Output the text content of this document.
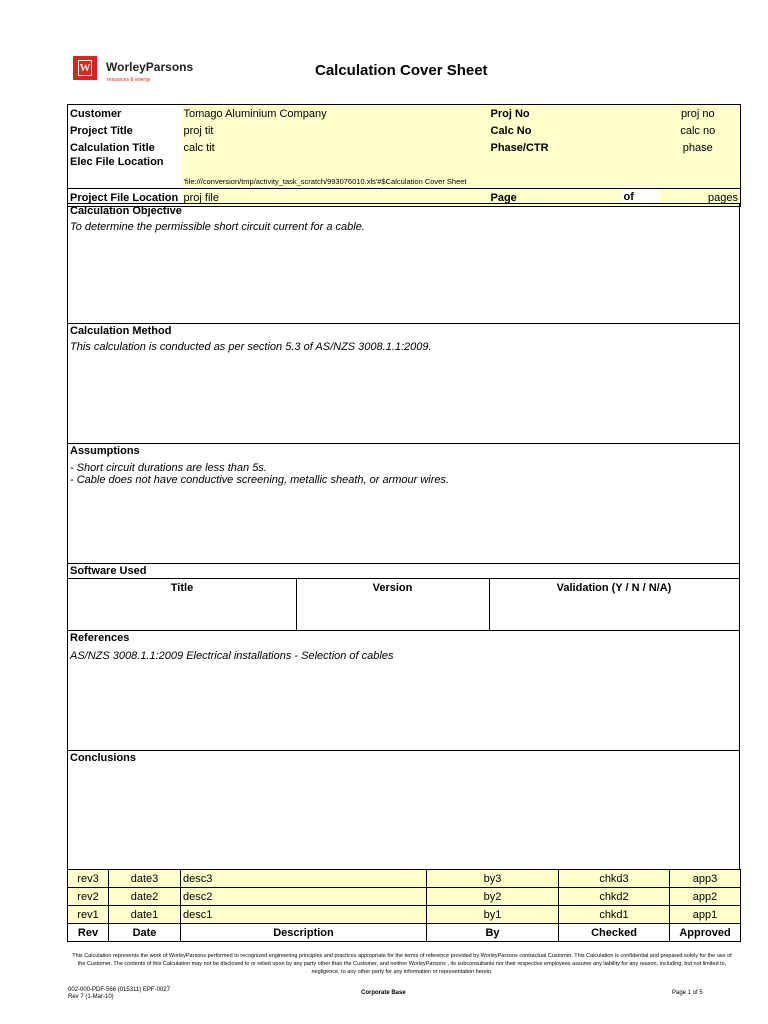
W WorleyParsons
resources & energy
Calculation Cover Sheet
Customer	Tomago Aluminium Company	Proj No	proj no	
Project Title	proj tit	Calc No	calc no	
Calculation Title	calc tit	Phase/CTR	phase	
Elec File Location	'file:///conversion/tmp/activity_task_scratch/993076010.xls'#$Calculation Cover Sheet			
Project File Location	proj file	Page		of pages
Calculation Objective
To determine the permissible short circuit current for a cable.
Calculation Method
This calculation is conducted as per section 5.3 of AS/NZS 3008.1.1:2009.
Assumptions
- Short circuit durations are less than 5s.
- Cable does not have conductive screening, metallic sheath, or armour wires.
Software Used
Title	Version	Validation (Y / N / N/A)
References
AS/NZS 3008.1.1:2009 Electrical installations - Selection of cables
Conclusions
rev3	date3	desc3	by3	chkd3	app3
rev2	date2	desc2	by2	chkd2	app2
rev1	date1	desc1	by1	chkd1	app1
Rev	Date	Description	By	Checked	Approved
This Calculation represents the work of WorleyParsons performed to recognized engineering principles and practices appropriate for the terms of reference provided by WorleyParsons contractual Customer. This Calculation is confidential and prepared solely for the use of the Customer. The contents of this Calculation may not be disclosed to or relied upon by any party other than the Customer, and neither WorleyParsons , its subconsultants nor their respective employees assume any liability for any reason, including, but not limited to, negligence, to any other party for any information or representation herein.
002-000-PDF-566 (015311) EPF-0027
Rev 7 (1-Mar-10)
Corporate Base	Page 1 of 5
